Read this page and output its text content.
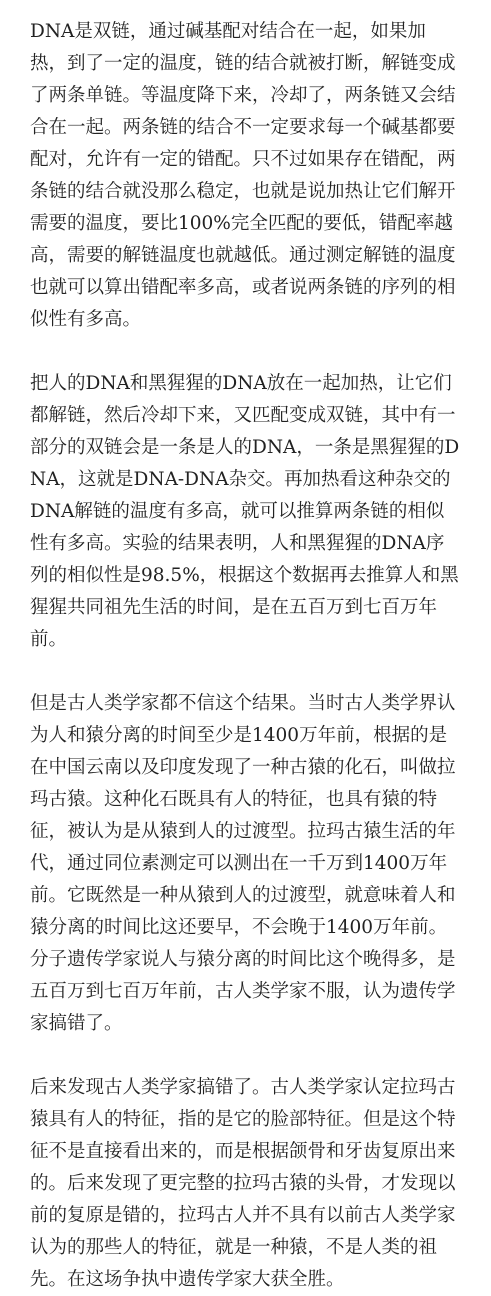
DNA是双链，通过碱基配对结合在一起，如果加热，到了一定的温度，链的结合就被打断，解链变成了两条单链。等温度降下来，冷却了，两条链又会结合在一起。两条链的结合不一定要求每一个碱基都要配对，允许有一定的错配。只不过如果存在错配，两条链的结合就没那么稳定，也就是说加热让它们解开需要的温度，要比100%完全匹配的要低，错配率越高，需要的解链温度也就越低。通过测定解链的温度也就可以算出错配率多高，或者说两条链的序列的相似性有多高。

把人的DNA和黑猩猩的DNA放在一起加热，让它们都解链，然后冷却下来，又匹配变成双链，其中有一部分的双链会是一条是人的DNA，一条是黑猩猩的DNA，这就是DNA-DNA杂交。再加热看这种杂交的DNA解链的温度有多高，就可以推算两条链的相似性有多高。实验的结果表明，人和黑猩猩的DNA序列的相似性是98.5%，根据这个数据再去推算人和黑猩猩共同祖先生活的时间，是在五百万到七百万年前。

但是古人类学家都不信这个结果。当时古人类学界认为人和猿分离的时间至少是1400万年前，根据的是在中国云南以及印度发现了一种古猿的化石，叫做拉玛古猿。这种化石既具有人的特征，也具有猿的特征，被认为是从猿到人的过渡型。拉玛古猿生活的年代，通过同位素测定可以测出在一千万到1400万年前。它既然是一种从猿到人的过渡型，就意味着人和猿分离的时间比这还要早，不会晚于1400万年前。分子遗传学家说人与猿分离的时间比这个晚得多，是五百万到七百万年前，古人类学家不服，认为遗传学家搞错了。

后来发现古人类学家搞错了。古人类学家认定拉玛古猿具有人的特征，指的是它的脸部特征。但是这个特征不是直接看出来的，而是根据颌骨和牙齿复原出来的。后来发现了更完整的拉玛古猿的头骨，才发现以前的复原是错的，拉玛古人并不具有以前古人类学家认为的那些人的特征，就是一种猿，不是人类的祖先。在这场争执中遗传学家大获全胜。
